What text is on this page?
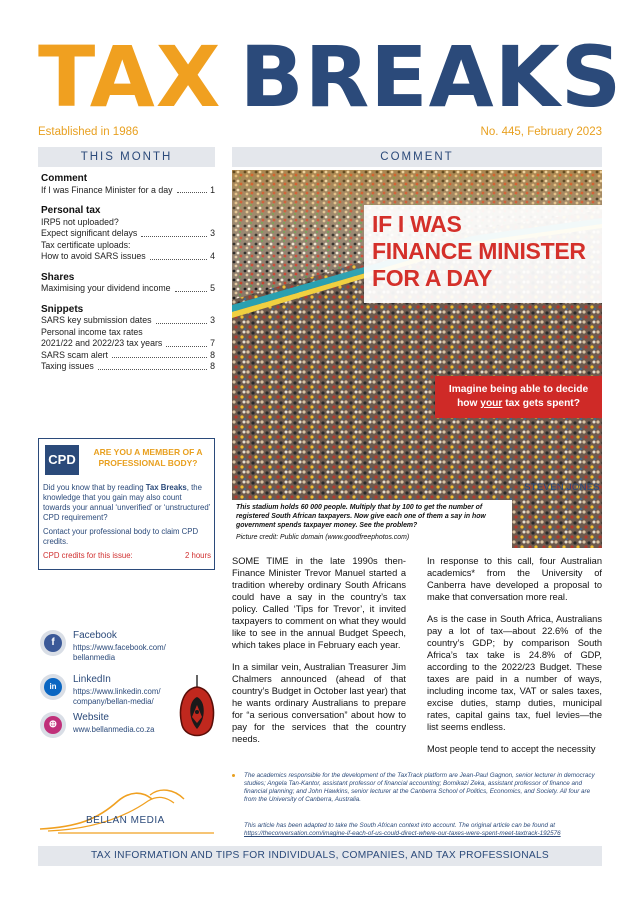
TAX BREAKS
Established in 1986	No. 445, February 2023
THIS MONTH	COMMENT
Comment
If I was Finance Minister for a day	1
Personal tax
IRP5 not uploaded?
Expect significant delays	3
Tax certificate uploads:
How to avoid SARS issues	4
Shares
Maximising your dividend income	5
Snippets
SARS key submission dates	3
Personal income tax rates
2021/22 and 2022/23 tax years	7
SARS scam alert	8
Taxing issues	8
CPD	ARE YOU A MEMBER OF A
PROFESSIONAL BODY?

Did you know that by reading Tax Breaks, the knowledge that you gain may also count towards your annual ‘unverified’ or ‘unstructured’ CPD requirement?

Contact your professional body to claim CPD credits.

CPD credits for this issue:	2 hours
f
Facebook
https://www.facebook.com/
bellanmedia
in
LinkedIn
https://www.linkedin.com/
company/bellan-media/
⊕
Website
www.bellanmedia.co.za
IF I WAS
FINANCE MINISTER
FOR A DAY
Imagine being able to decide
how your tax gets spent?
This stadium holds 60 000 people. Multiply that by 100 to get the number of registered South African taxpayers. Now give each one of them a say in how government spends taxpayer money. See the problem?
Picture credit: Public domain (www.goodfreephotos.com)
STEVEN JONES

SOME TIME in the late 1990s then-Finance Minister Trevor Manuel started a tradition whereby ordinary South Africans could have a say in the country’s tax policy. Called ‘Tips for Trevor’, it invited taxpayers to comment on what they would like to see in the annual Budget Speech, which takes place in February each year.

In a similar vein, Australian Treasurer Jim Chalmers announced (ahead of that country’s Budget in October last year) that he wants ordinary Australians to prepare for “a serious conversation” about how to pay for the services that the country needs.

In response to this call, four Australian academics* from the University of Canberra have developed a proposal to make that conversation more real.

As is the case in South Africa, Australians pay a lot of tax—about 22.6% of the country’s GDP; by comparison South Africa’s tax take is 24.8% of GDP, according to the 2022/23 Budget. These taxes are paid in a number of ways, including income tax, VAT or sales taxes, excise duties, stamp duties, municipal rates, capital gains tax, fuel levies—the list seems endless.

Most people tend to accept the necessity

The academics responsible for the development of the TaxTrack platform are Jean-Paul Gagnon, senior lecturer in democracy studies; Angela Tan-Kantor, assistant professor of financial accounting; Bomikazi Zeka, assistant professor of finance and financial planning; and John Hawkins, senior lecturer at the Canberra School of Politics, Economics, and Society. All four are from the University of Canberra, Australia.
This article has been adapted to take the South African context into account. The original article can be found at https://theconversation.com/imagine-if-each-of-us-could-direct-where-our-taxes-were-spent-meet-taxtrack-192576
BELLAN MEDIA
TAX INFORMATION AND TIPS FOR INDIVIDUALS, COMPANIES, AND TAX PROFESSIONALS
